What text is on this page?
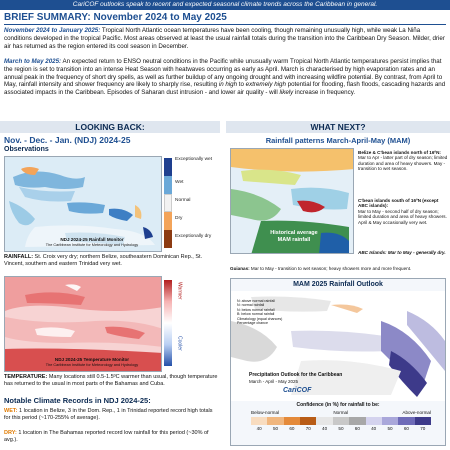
CariCOF outlooks speak to recent and expected seasonal climate trends across the Caribbean in general.
BRIEF SUMMARY: November 2024 to May 2025
November 2024 to January 2025: Tropical North Atlantic ocean temperatures have been cooling, though remaining unusually high, while weak La Niña conditions developed in the tropical Pacific. Most areas observed at least the usual rainfall totals during the transition into the Caribbean Dry Season. Milder, drier air has returned as the region entered its cool season in December.
March to May 2025: An expected return to ENSO neutral conditions in the Pacific while unusually warm Tropical North Atlantic temperatures persist implies that the region is set to transition into an intense Heat Season with heatwaves occurring as early as April. March is characterised by high evaporation rates and an annual peak in the frequency of short dry spells, as well as further buildup of any ongoing drought and with increasing wildfire potential. By contrast, from April to May, rainfall intensity and shower frequency are likely to sharply rise, resulting in high to extremely high potential for flooding, flash floods, cascading hazards and associated impacts in the Caribbean. Episodes of Saharan dust intrusion - and lower air quality - will likely increase in frequency.
LOOKING BACK:	WHAT NEXT?
Nov. - Dec. - Jan. (NDJ) 2024-25
Observations
NDJ 2024-25 Rainfall Monitor
The Caribbean Institute for Meteorology and Hydrology
Exceptionally wet
Wet
Normal
Dry
Exceptionally dry
RAINFALL: St. Croix very dry; northern Belize, southeastern Dominican Rep., St. Vincent, southern and eastern Trinidad very wet.
NDJ 2024-25 Temperature Monitor
The Caribbean Institute for Meteorology and Hydrology
Warmer
Cooler
TEMPERATURE: Many locations still 0.5-1.5ºC warmer than usual, though temperature has returned to the usual in most parts of the Bahamas and Cuba.
Notable Climate Records in NDJ 2024-25:
WET: 1 location in Belize, 3 in the Dom. Rep., 1 in Trinidad reported record high totals for this period (~170-255% of average).
DRY: 1 location in The Bahamas reported record low rainfall for this period (~30% of avg.).
Rainfall patterns March-April-May (MAM)
Historical average
MAM rainfall
Belize & C'bean islands north of 16ºN:
Mar to Apr - latter part of dry season; limited duration and area of heavy showers. May - transition to wet season.
C'bean islands south of 16ºN (except ABC islands):
Mar to May - second half of dry season; limited duration and area of heavy showers. April & May occasionally very wet.
ABC Islands: Mar to May - generally dry.
Guianas: Mar to May - transition to wet season; heavy showers more and more frequent.
MAM 2025 Rainfall Outlook
Precipitation Outlook for the Caribbean
March - April - May 2025
CariCOF
Confidence (in %) for rainfall to be:
Below-normal	Normal	Above-normal
40	50	60	70	40	50	60	40	50	60	70
N: above normal rainfall
N: normal rainfall
N: below normal rainfall
B: below normal rainfall
Climatology (equal chances)
Percentage chance
